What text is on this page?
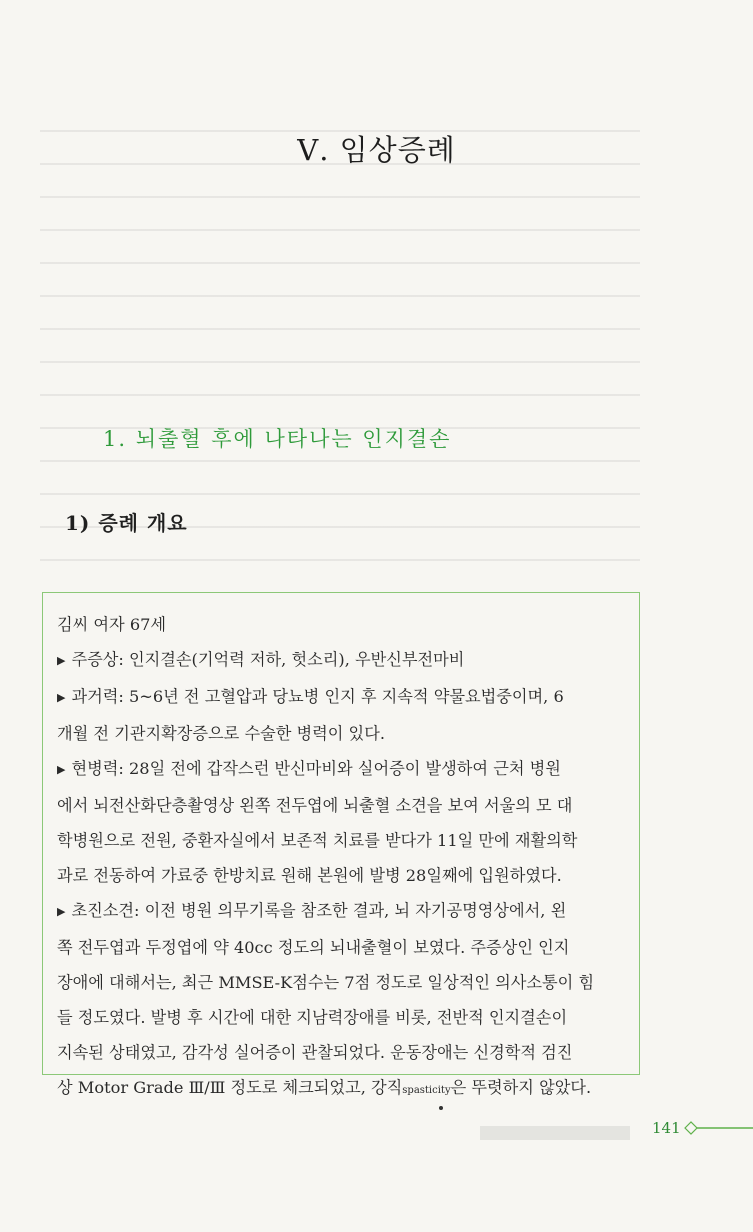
Ⅴ. 임상증례
1. 뇌출혈 후에 나타나는 인지결손
1) 증례 개요

김씨 여자 67세

▶ 주증상: 인지결손(기억력 저하, 헛소리), 우반신부전마비

▶ 과거력: 5~6년 전 고혈압과 당뇨병 인지 후 지속적 약물요법중이며, 6

개월 전 기관지확장증으로 수술한 병력이 있다.

▶ 현병력: 28일 전에 갑작스런 반신마비와 실어증이 발생하여 근처 병원

에서 뇌전산화단층촬영상 왼쪽 전두엽에 뇌출혈 소견을 보여 서울의 모 대

학병원으로 전원, 중환자실에서 보존적 치료를 받다가 11일 만에 재활의학

과로 전동하여 가료중 한방치료 원해 본원에 발병 28일째에 입원하였다.

▶ 초진소견: 이전 병원 의무기록을 참조한 결과, 뇌 자기공명영상에서, 왼

쪽 전두엽과 두정엽에 약 40cc 정도의 뇌내출혈이 보였다. 주증상인 인지

장애에 대해서는, 최근 MMSE-K점수는 7점 정도로 일상적인 의사소통이 힘

들 정도였다. 발병 후 시간에 대한 지남력장애를 비롯, 전반적 인지결손이

지속된 상태였고, 감각성 실어증이 관찰되었다. 운동장애는 신경학적 검진

상 Motor Grade Ⅲ/Ⅲ 정도로 체크되었고, 강직spasticity은 뚜렷하지 않았다.

141
